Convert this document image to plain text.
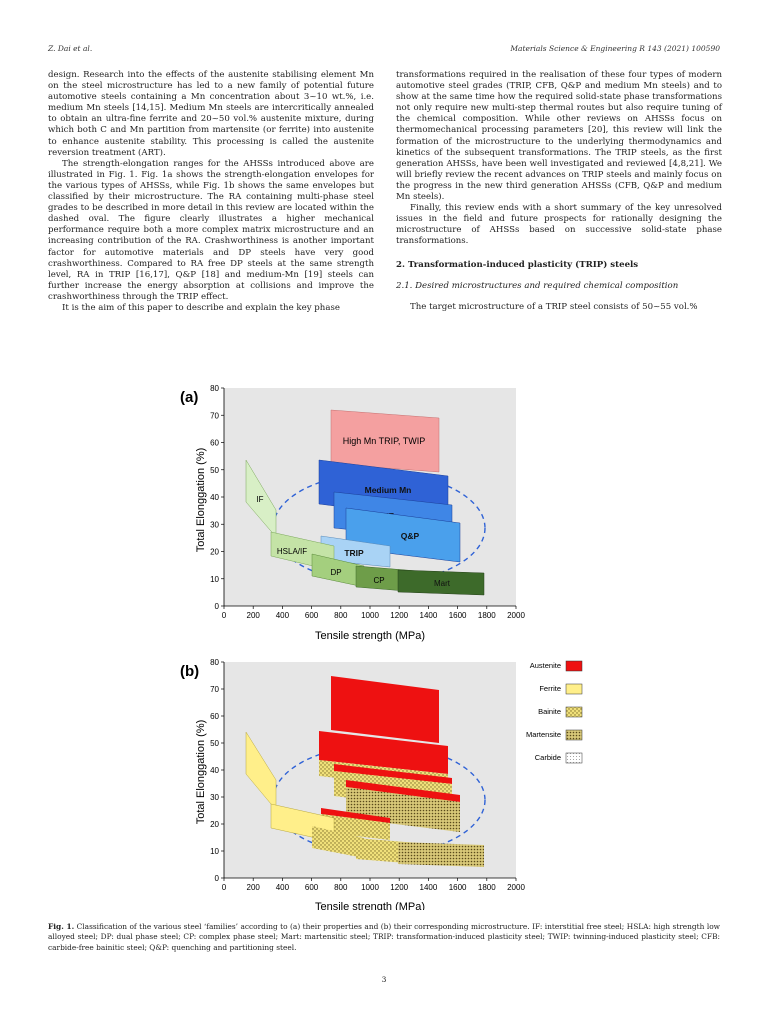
Z. Dai et al.	Materials Science & Engineering R 143 (2021) 100590

design. Research into the effects of the austenite stabilising element Mn on the steel microstructure has led to a new family of potential future automotive steels containing a Mn concentration about 3~10 wt.%, i.e. medium Mn steels [14,15]. Medium Mn steels are intercritically annealed to obtain an ultra-fine ferrite and 20~50 vol.% austenite mixture, during which both C and Mn partition from martensite (or ferrite) into austenite to enhance austenite stability. This processing is called the austenite reversion treatment (ART).

The strength-elongation ranges for the AHSSs introduced above are illustrated in Fig. 1. Fig. 1a shows the strength-elongation envelopes for the various types of AHSSs, while Fig. 1b shows the same envelopes but classified by their microstructure. The RA containing multi-phase steel grades to be described in more detail in this review are located within the dashed oval. The figure clearly illustrates a higher mechanical performance require both a more complex matrix microstructure and an increasing contribution of the RA. Crashworthiness is another important factor for automotive materials and DP steels have very good crashworthiness. Compared to RA free DP steels at the same strength level, RA in TRIP [16,17], Q&P [18] and medium-Mn [19] steels can further increase the energy absorption at collisions and improve the crashworthiness through the TRIP effect.

It is the aim of this paper to describe and explain the key phase

transformations required in the realisation of these four types of modern automotive steel grades (TRIP, CFB, Q&P and medium Mn steels) and to show at the same time how the required solid-state phase transformations not only require new multi-step thermal routes but also require tuning of the chemical composition. While other reviews on AHSSs focus on thermomechanical processing parameters [20], this review will link the formation of the microstructure to the underlying thermodynamics and kinetics of the subsequent transformations. The TRIP steels, as the first generation AHSSs, have been well investigated and reviewed [4,8,21]. We will briefly review the recent advances on TRIP steels and mainly focus on the progress in the new third generation AHSSs (CFB, Q&P and medium Mn steels).

Finally, this review ends with a short summary of the key unresolved issues in the field and future prospects for rationally designing the microstructure of AHSSs based on successive solid-state phase transformations.

2. Transformation-induced plasticity (TRIP) steels

2.1. Desired microstructures and required chemical composition

The target microstructure of a TRIP steel consists of 50~55 vol.%

(a)
0
10
20
30
40
50
60
70
80
0	200 400 600 800 1000 1200 1400 1600 1800 2000
Tensile strength (MPa)
Total Elonggation (%)
High Mn TRIP, TWIP
Medium Mn
Q&P
TRIP
IF
HSLA/IF
DP
CP	Mart
(b)
0
10
20
30
40
50
60
70
80
0	200 400 600 800 1000 1200 1400 1600 1800 2000
Tensile strength (MPa)
Total Elonggation (%)
Austenite
Ferrite
Bainite
Martensite
Carbide
Fig. 1. Classification of the various steel ‘families’ according to (a) their properties and (b) their corresponding microstructure. IF: interstitial free steel; HSLA: high strength low alloyed steel; DP: dual phase steel; CP: complex phase steel; Mart: martensitic steel; TRIP: transformation-induced plasticity steel; TWIP: twinning-induced plasticity steel; CFB: carbide-free bainitic steel; Q&P: quenching and partitioning steel.
3
